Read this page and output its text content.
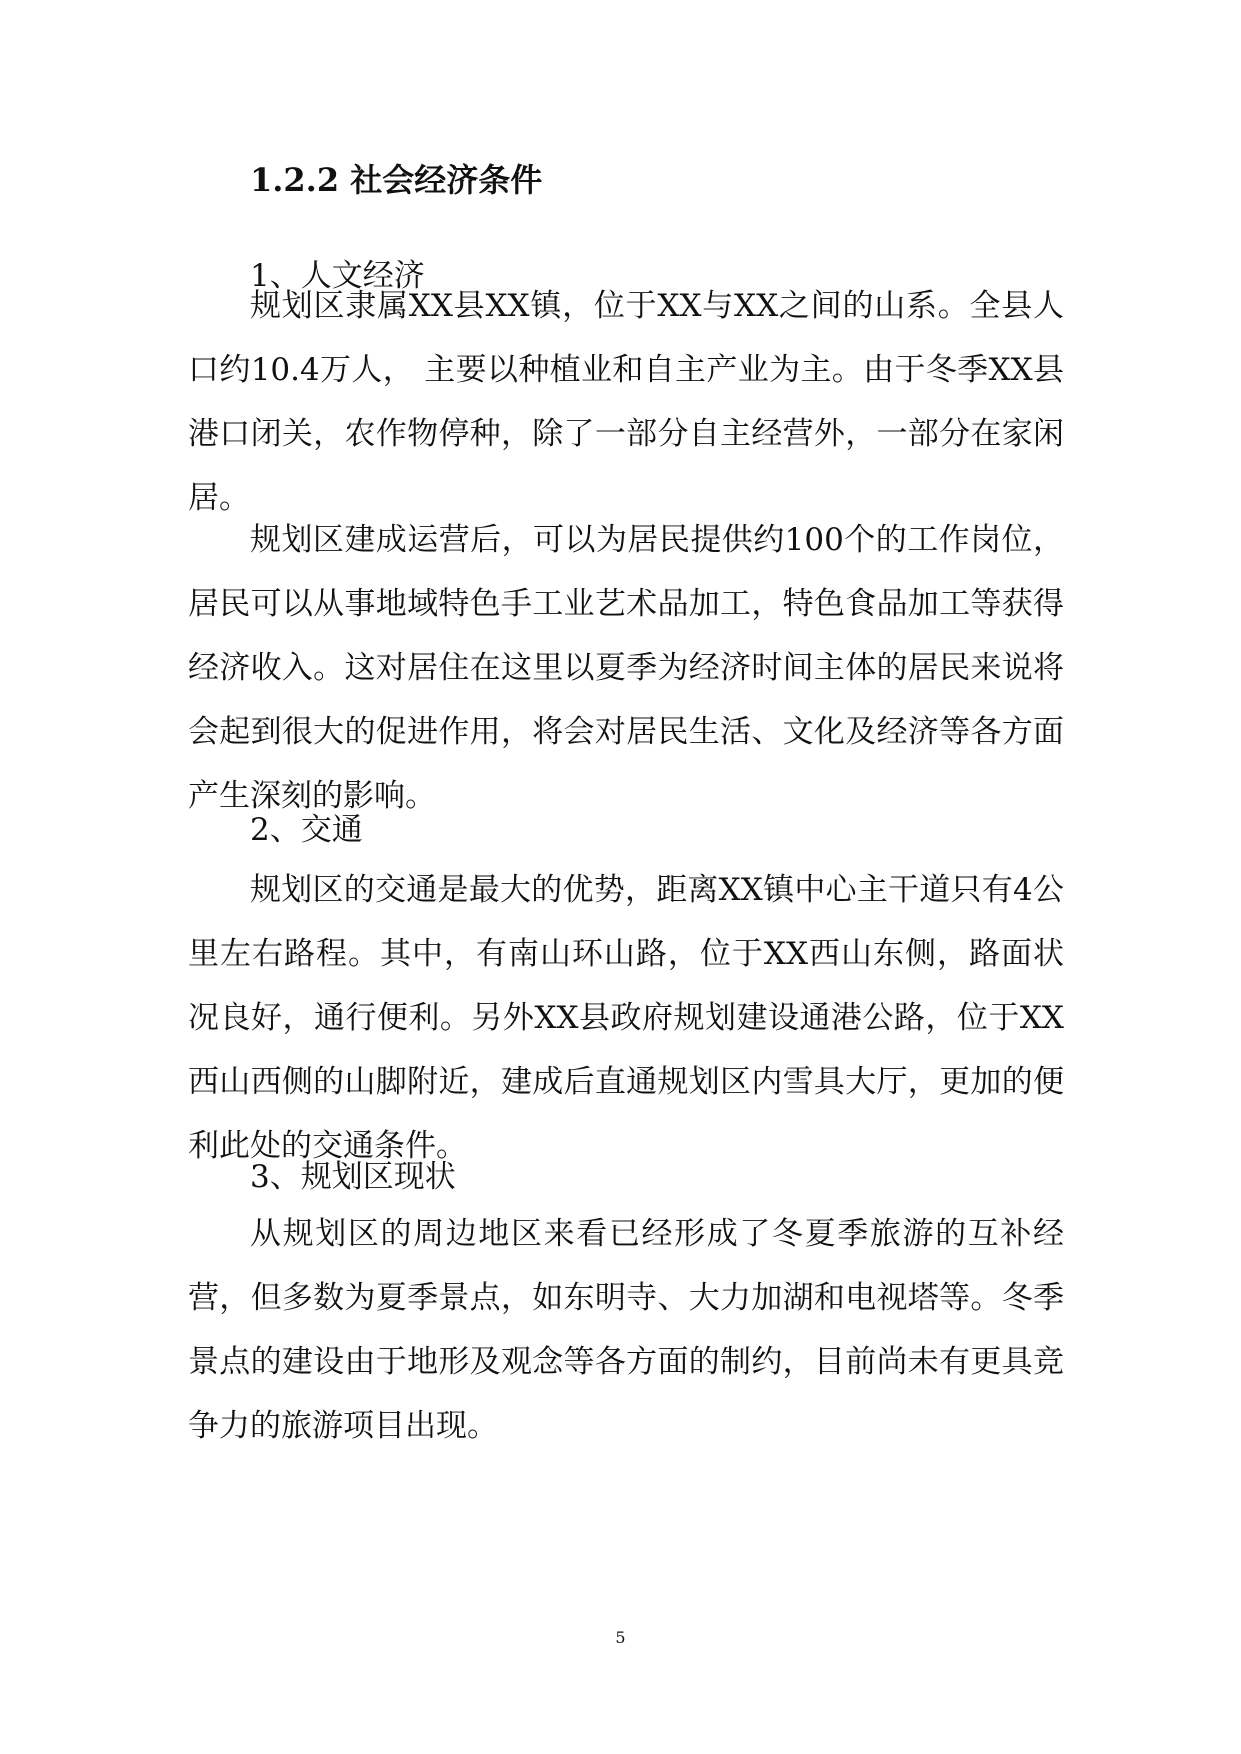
1.2.2 社会经济条件
1、人文经济
规划区隶属XX县XX镇，位于XX与XX之间的山系。全县人口约10.4万人， 主要以种植业和自主产业为主。由于冬季XX县港口闭关，农作物停种，除了一部分自主经营外，一部分在家闲居。
规划区建成运营后，可以为居民提供约100个的工作岗位，居民可以从事地域特色手工业艺术品加工，特色食品加工等获得经济收入。这对居住在这里以夏季为经济时间主体的居民来说将会起到很大的促进作用，将会对居民生活、文化及经济等各方面产生深刻的影响。
2、交通
规划区的交通是最大的优势，距离XX镇中心主干道只有4公里左右路程。其中，有南山环山路，位于XX西山东侧，路面状况良好，通行便利。另外XX县政府规划建设通港公路，位于XX西山西侧的山脚附近，建成后直通规划区内雪具大厅，更加的便利此处的交通条件。
3、规划区现状
从规划区的周边地区来看已经形成了冬夏季旅游的互补经营，但多数为夏季景点，如东明寺、大力加湖和电视塔等。冬季景点的建设由于地形及观念等各方面的制约，目前尚未有更具竞争力的旅游项目出现。
5
